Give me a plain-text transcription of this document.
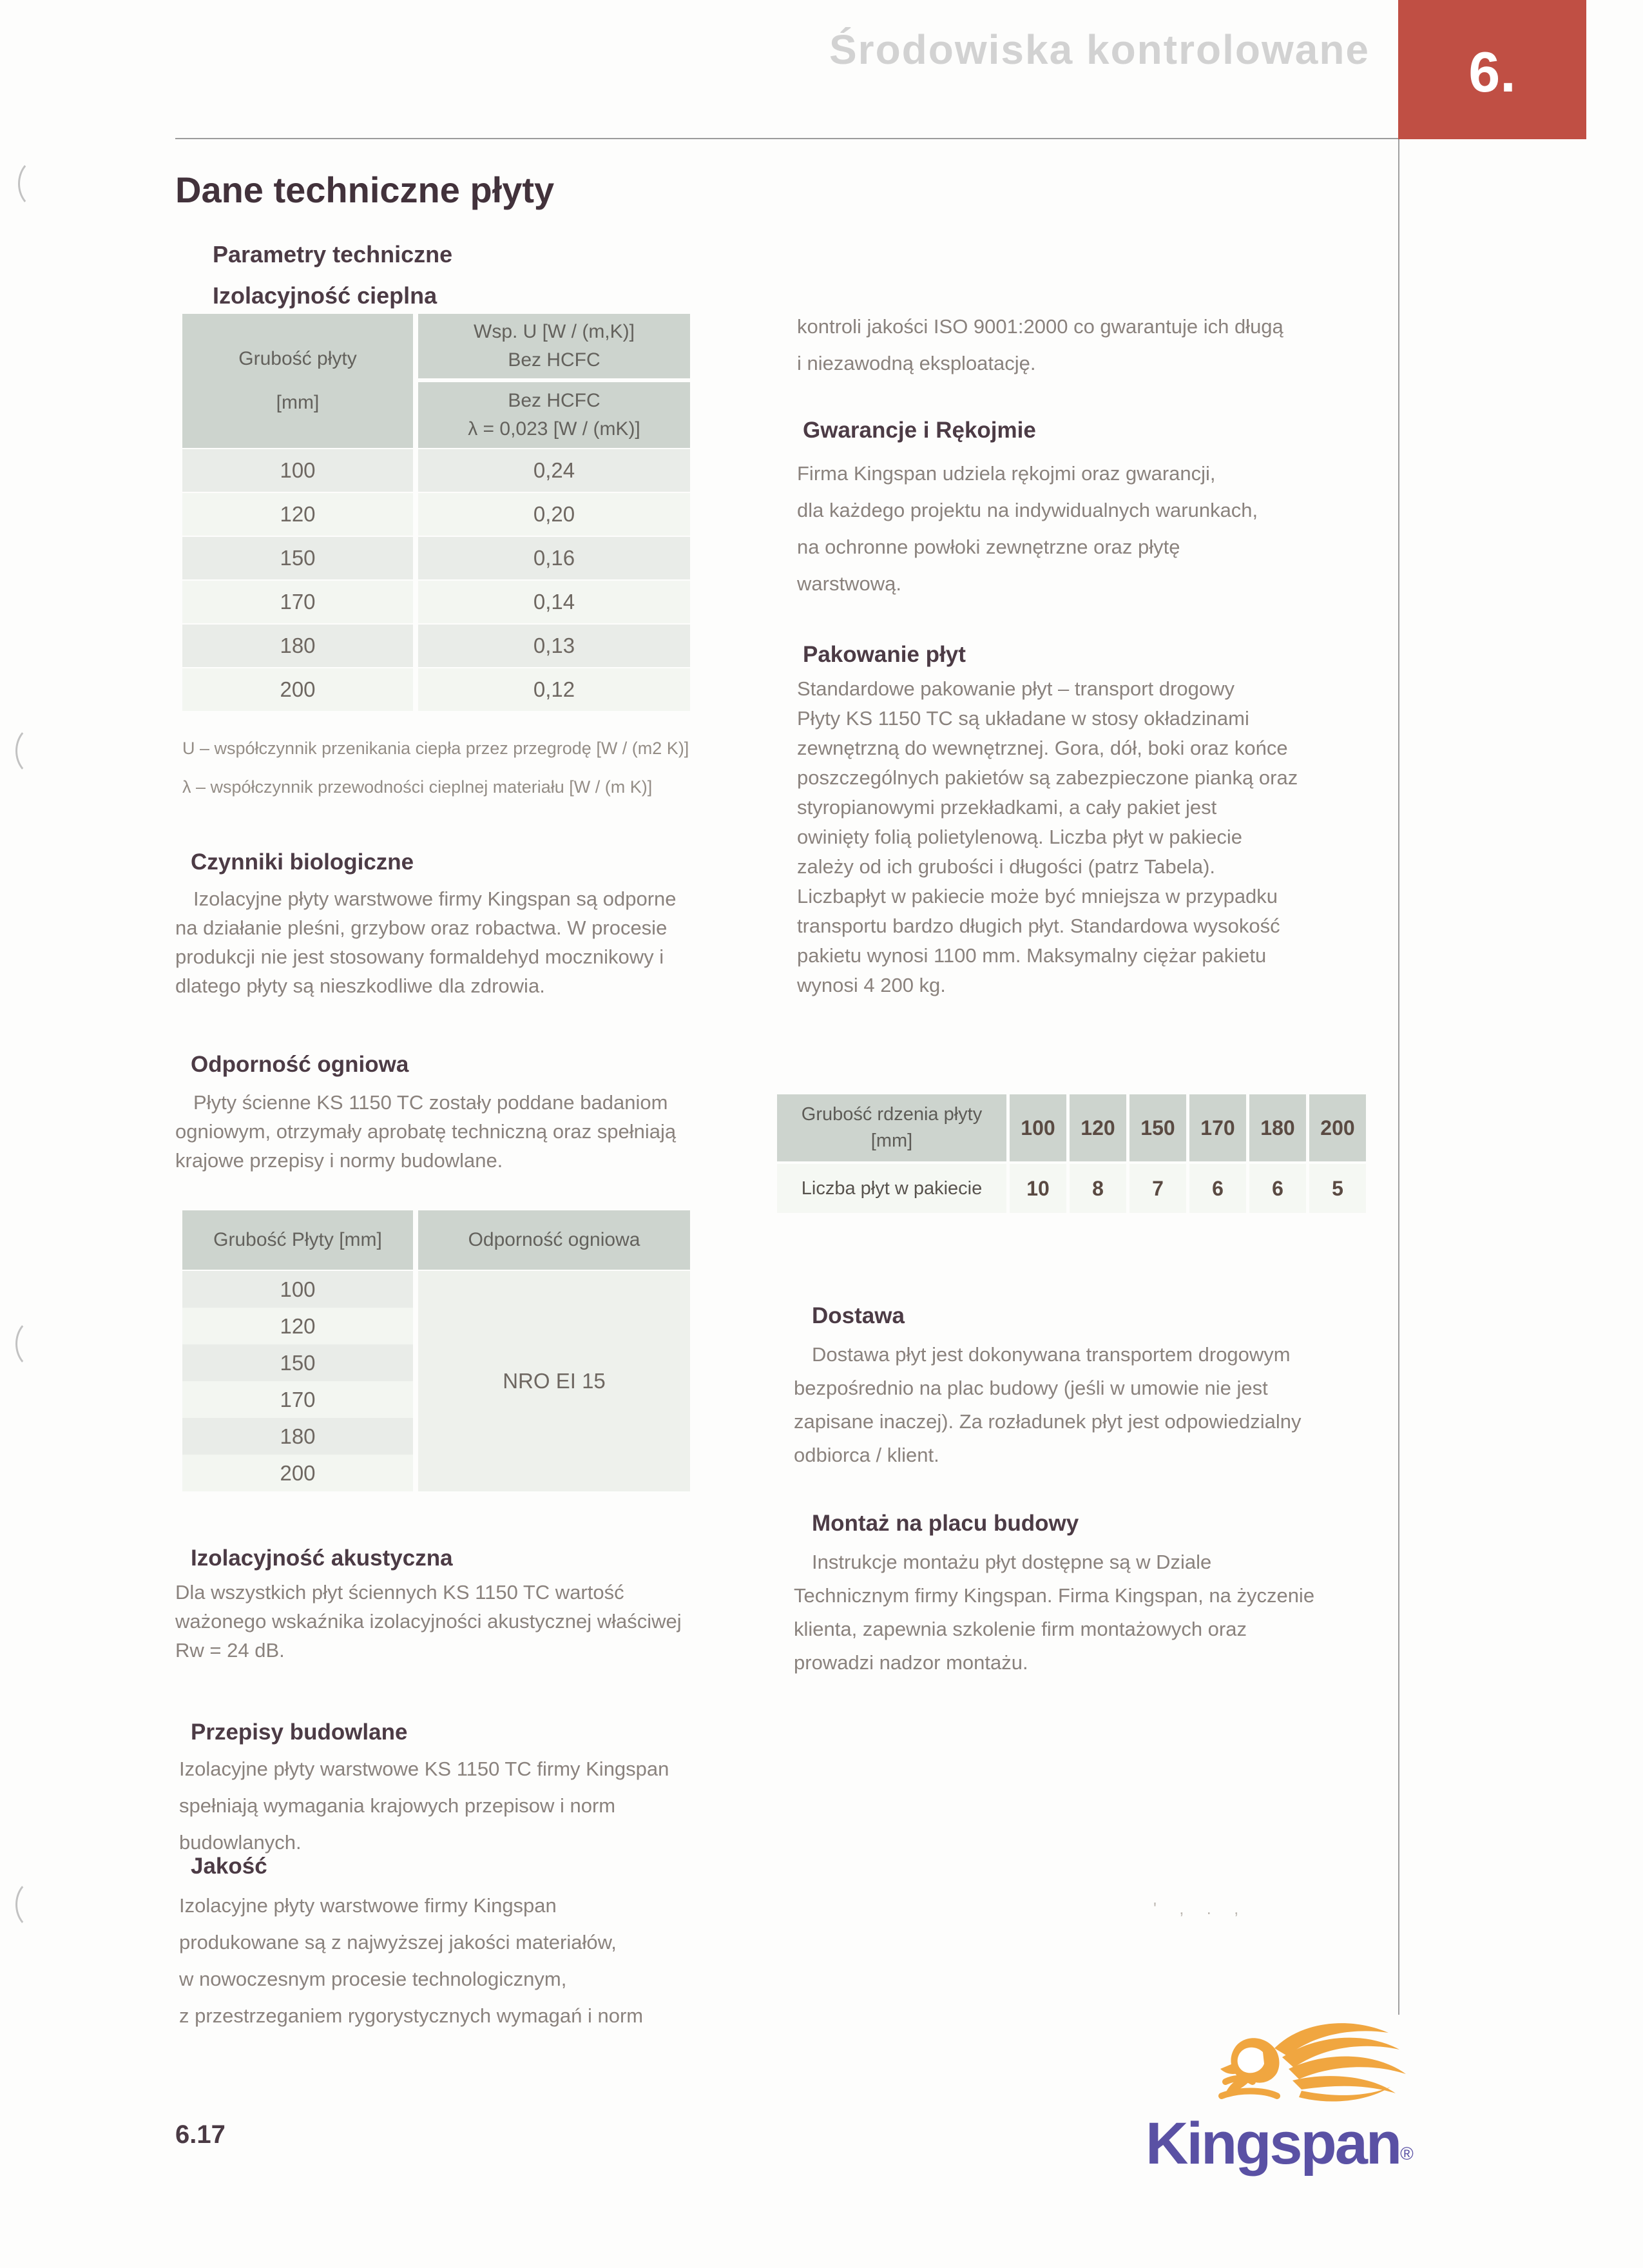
Środowiska kontrolowane 6.
Dane techniczne płyty
Parametry techniczne
Izolacyjność cieplna
Grubość płyty
[mm]
Wsp. U [W / (m,K)]
Bez HCFC
Bez HCFC
λ = 0,023 [W / (mK)]
100	0,24
120	0,20
150	0,16
170	0,14
180	0,13
200	0,12
U – współczynnik przenikania ciepła przez przegrodę [W / (m2 K)]
λ – współczynnik przewodności cieplnej materiału [W / (m K)]
Czynniki biologiczne
Izolacyjne płyty warstwowe firmy Kingspan są odporne
na działanie pleśni, grzybow oraz robactwa. W procesie
produkcji nie jest stosowany formaldehyd mocznikowy i
dlatego płyty są nieszkodliwe dla zdrowia.
Odporność ogniowa
Płyty ścienne KS 1150 TC zostały poddane badaniom
ogniowym, otrzymały aprobatę techniczną oraz spełniają
krajowe przepisy i normy budowlane.
Grubość Płyty [mm]	Odporność ogniowa
100
120
150
170
180
200
NRO EI 15
Izolacyjność akustyczna
Dla wszystkich płyt ściennych KS 1150 TC wartość
ważonego wskaźnika izolacyjności akustycznej właściwej
Rw = 24 dB.
Przepisy budowlane
Izolacyjne płyty warstwowe KS 1150 TC firmy Kingspan
spełniają wymagania krajowych przepisow i norm
budowlanych.
Jakość
Izolacyjne płyty warstwowe firmy Kingspan
produkowane są z najwyższej jakości materiałów,
w nowoczesnym procesie technologicznym,
z przestrzeganiem rygorystycznych wymagań i norm
kontroli jakości ISO 9001:2000 co gwarantuje ich długą
i niezawodną eksploatację.
Gwarancje i Rękojmie
Firma Kingspan udziela rękojmi oraz gwarancji,
dla każdego projektu na indywidualnych warunkach,
na ochronne powłoki zewnętrzne oraz płytę
warstwową.
Pakowanie płyt
Standardowe pakowanie płyt – transport drogowy
Płyty KS 1150 TC są układane w stosy okładzinami
zewnętrzną do wewnętrznej. Gora, dół, boki oraz końce
poszczególnych pakietów są zabezpieczone pianką oraz
styropianowymi przekładkami, a cały pakiet jest
owinięty folią polietylenową. Liczba płyt w pakiecie
zależy od ich grubości i długości (patrz Tabela).
Liczbapłyt w pakiecie może być mniejsza w przypadku
transportu bardzo długich płyt. Standardowa wysokość
pakietu wynosi 1100 mm. Maksymalny ciężar pakietu
wynosi 4 200 kg.
Grubość rdzenia płyty
[mm]
100	120	150	170	180	200
Liczba płyt w pakiecie	10	8	7	6	6	5
Dostawa
Dostawa płyt jest dokonywana transportem drogowym
bezpośrednio na plac budowy (jeśli w umowie nie jest
zapisane inaczej). Za rozładunek płyt jest odpowiedzialny
odbiorca / klient.
Montaż na placu budowy
Instrukcje montażu płyt dostępne są w Dziale
Technicznym firmy Kingspan. Firma Kingspan, na życzenie
klienta, zapewnia szkolenie firm montażowych oraz
prowadzi nadzor montażu.
' , . ,
6.17	Kingspan®
